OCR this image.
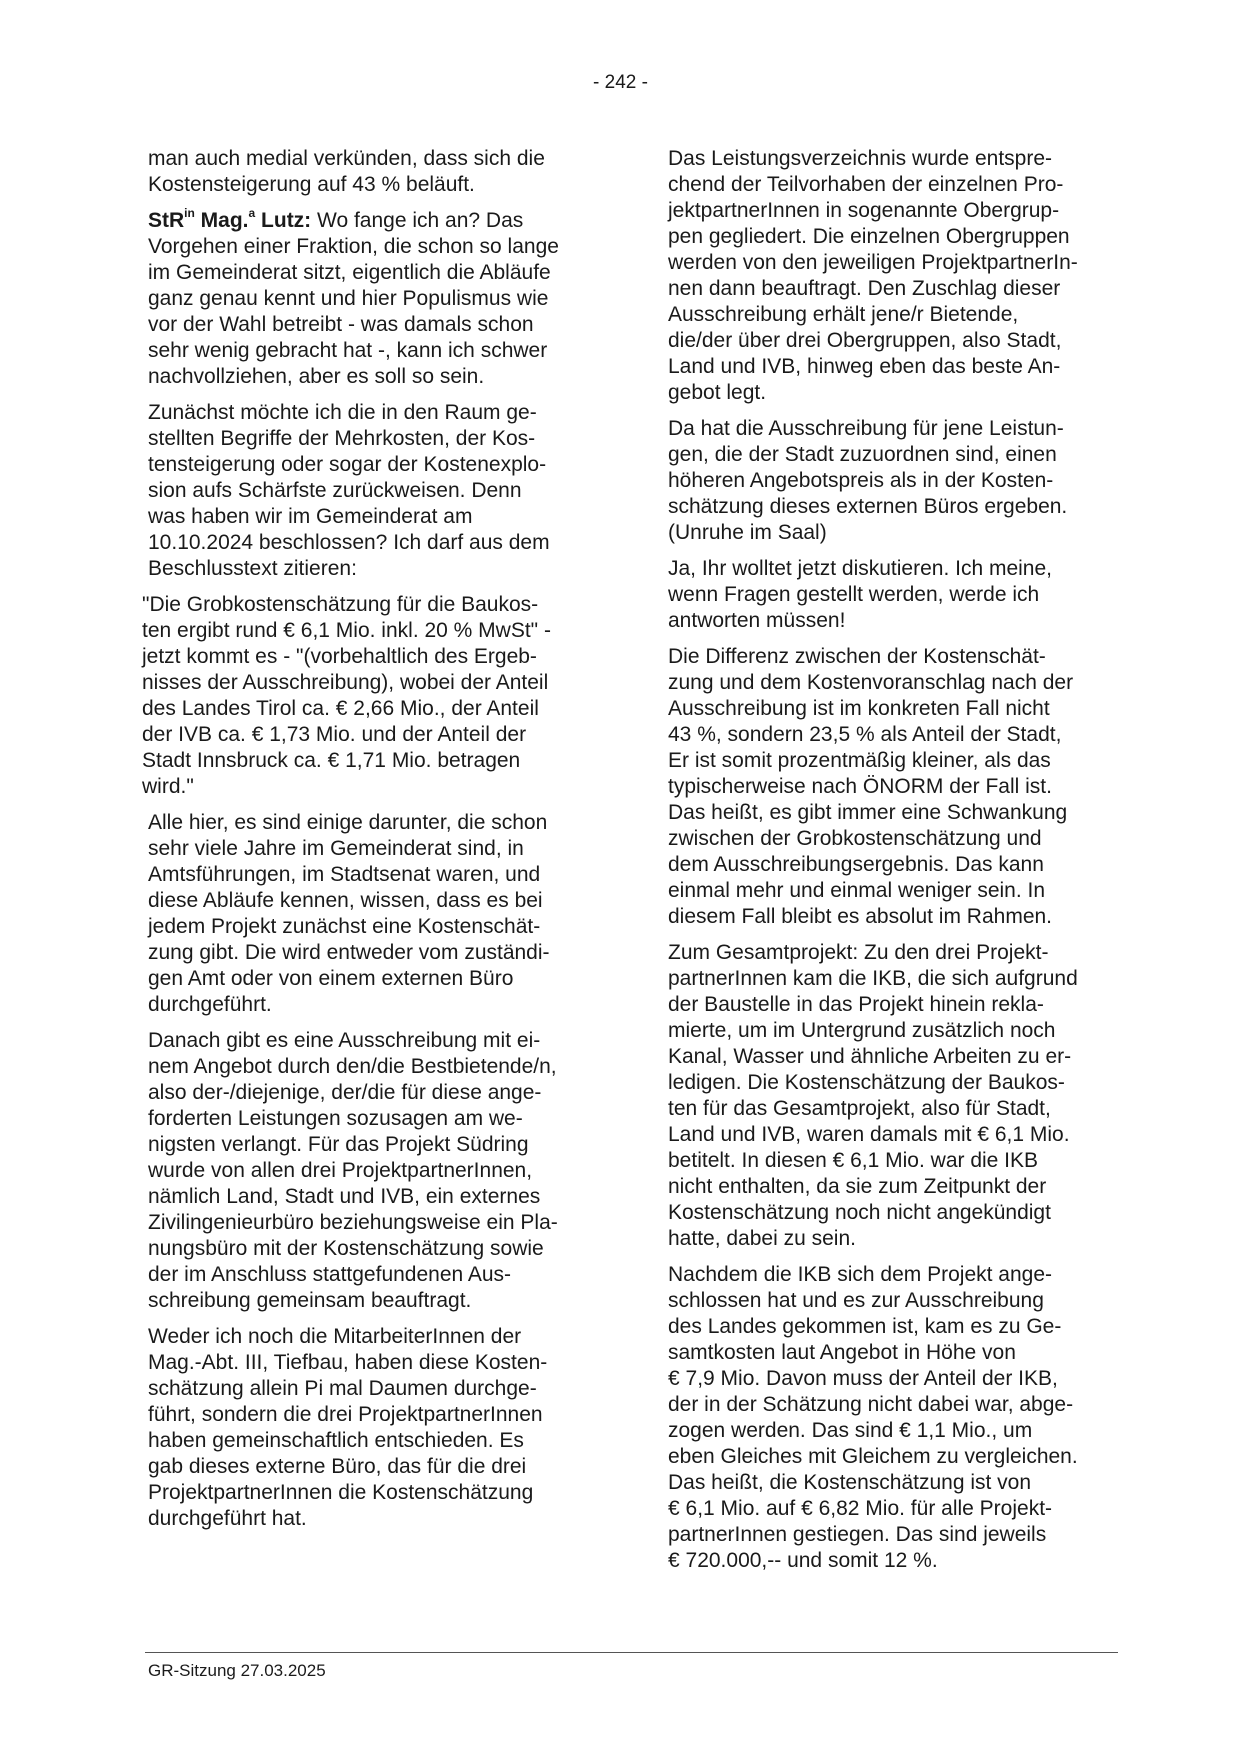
- 242 -

man auch medial verkünden, dass sich die
Kostensteigerung auf 43 % beläuft.

StR$^{in}$ Mag.$^a$ Lutz: Wo fange ich an? Das
Vorgehen einer Fraktion, die schon so lange
im Gemeinderat sitzt, eigentlich die Abläufe
ganz genau kennt und hier Populismus wie
vor der Wahl betreibt - was damals schon
sehr wenig gebracht hat -, kann ich schwer
nachvollziehen, aber es soll so sein.

Zunächst möchte ich die in den Raum ge-
stellten Begriffe der Mehrkosten, der Kos-
tensteigerung oder sogar der Kostenexplo-
sion aufs Schärfste zurückweisen. Denn
was haben wir im Gemeinderat am
10.10.2024 beschlossen? Ich darf aus dem
Beschlusstext zitieren:

"Die Grobkostenschätzung für die Baukos-
ten ergibt rund € 6,1 Mio. inkl. 20 % MwSt" -
jetzt kommt es - "(vorbehaltlich des Ergeb-
nisses der Ausschreibung), wobei der Anteil
des Landes Tirol ca. € 2,66 Mio., der Anteil
der IVB ca. € 1,73 Mio. und der Anteil der
Stadt Innsbruck ca. € 1,71 Mio. betragen
wird."

Alle hier, es sind einige darunter, die schon
sehr viele Jahre im Gemeinderat sind, in
Amtsführungen, im Stadtsenat waren, und
diese Abläufe kennen, wissen, dass es bei
jedem Projekt zunächst eine Kostenschät-
zung gibt. Die wird entweder vom zuständi-
gen Amt oder von einem externen Büro
durchgeführt.

Danach gibt es eine Ausschreibung mit ei-
nem Angebot durch den/die Bestbietende/n,
also der-/diejenige, der/die für diese ange-
forderten Leistungen sozusagen am we-
nigsten verlangt. Für das Projekt Südring
wurde von allen drei ProjektpartnerInnen,
nämlich Land, Stadt und IVB, ein externes
Zivilingenieurbüro beziehungsweise ein Pla-
nungsbüro mit der Kostenschätzung sowie
der im Anschluss stattgefundenen Aus-
schreibung gemeinsam beauftragt.

Weder ich noch die MitarbeiterInnen der
Mag.-Abt. III, Tiefbau, haben diese Kosten-
schätzung allein Pi mal Daumen durchge-
führt, sondern die drei ProjektpartnerInnen
haben gemeinschaftlich entschieden. Es
gab dieses externe Büro, das für die drei
ProjektpartnerInnen die Kostenschätzung
durchgeführt hat.

Das Leistungsverzeichnis wurde entspre-
chend der Teilvorhaben der einzelnen Pro-
jektpartnerInnen in sogenannte Obergrup-
pen gegliedert. Die einzelnen Obergruppen
werden von den jeweiligen ProjektpartnerIn-
nen dann beauftragt. Den Zuschlag dieser
Ausschreibung erhält jene/r Bietende,
die/der über drei Obergruppen, also Stadt,
Land und IVB, hinweg eben das beste An-
gebot legt.

Da hat die Ausschreibung für jene Leistun-
gen, die der Stadt zuzuordnen sind, einen
höheren Angebotspreis als in der Kosten-
schätzung dieses externen Büros ergeben.
(Unruhe im Saal)

Ja, Ihr wolltet jetzt diskutieren. Ich meine,
wenn Fragen gestellt werden, werde ich
antworten müssen!

Die Differenz zwischen der Kostenschät-
zung und dem Kostenvoranschlag nach der
Ausschreibung ist im konkreten Fall nicht
43 %, sondern 23,5 % als Anteil der Stadt,
Er ist somit prozentmäßig kleiner, als das
typischerweise nach ÖNORM der Fall ist.
Das heißt, es gibt immer eine Schwankung
zwischen der Grobkostenschätzung und
dem Ausschreibungsergebnis. Das kann
einmal mehr und einmal weniger sein. In
diesem Fall bleibt es absolut im Rahmen.

Zum Gesamtprojekt: Zu den drei Projekt-
partnerInnen kam die IKB, die sich aufgrund
der Baustelle in das Projekt hinein rekla-
mierte, um im Untergrund zusätzlich noch
Kanal, Wasser und ähnliche Arbeiten zu er-
ledigen. Die Kostenschätzung der Baukos-
ten für das Gesamtprojekt, also für Stadt,
Land und IVB, waren damals mit € 6,1 Mio.
betitelt. In diesen € 6,1 Mio. war die IKB
nicht enthalten, da sie zum Zeitpunkt der
Kostenschätzung noch nicht angekündigt
hatte, dabei zu sein.

Nachdem die IKB sich dem Projekt ange-
schlossen hat und es zur Ausschreibung
des Landes gekommen ist, kam es zu Ge-
samtkosten laut Angebot in Höhe von
€ 7,9 Mio. Davon muss der Anteil der IKB,
der in der Schätzung nicht dabei war, abge-
zogen werden. Das sind € 1,1 Mio., um
eben Gleiches mit Gleichem zu vergleichen.
Das heißt, die Kostenschätzung ist von
€ 6,1 Mio. auf € 6,82 Mio. für alle Projekt-
partnerInnen gestiegen. Das sind jeweils
€ 720.000,-- und somit 12 %.

GR-Sitzung 27.03.2025
